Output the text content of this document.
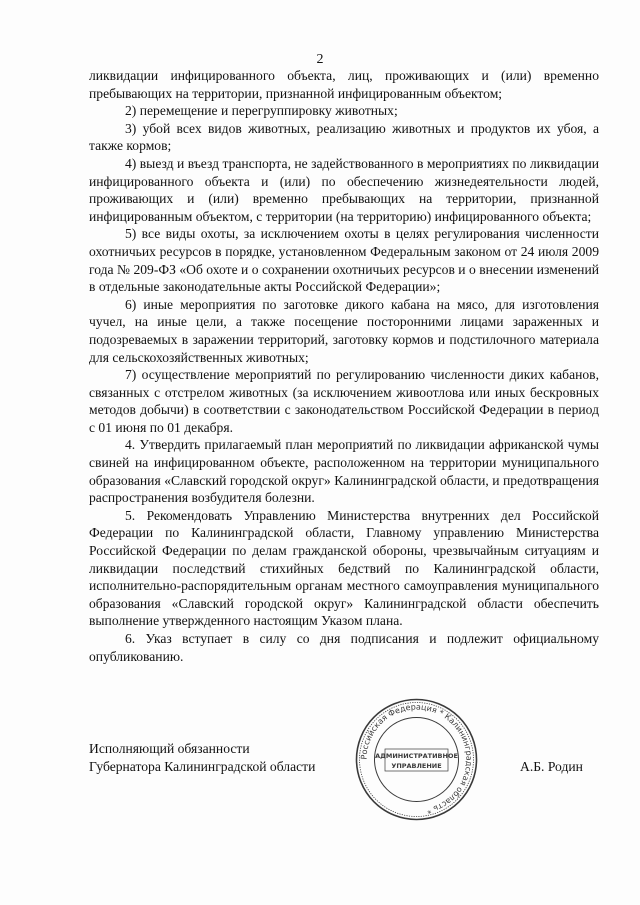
2

ликвидации инфицированного объекта, лиц, проживающих и (или) временно пребывающих на территории, признанной инфицированным объектом;

2) перемещение и перегруппировку животных;

3) убой всех видов животных, реализацию животных и продуктов их убоя, а также кормов;

4) выезд и въезд транспорта, не задействованного в мероприятиях по ликвидации инфицированного объекта и (или) по обеспечению жизнедеятельности людей, проживающих и (или) временно пребывающих на территории, признанной инфицированным объектом, с территории (на территорию) инфицированного объекта;

5) все виды охоты, за исключением охоты в целях регулирования численности охотничьих ресурсов в порядке, установленном Федеральным законом от 24 июля 2009 года № 209-ФЗ «Об охоте и о сохранении охотничьих ресурсов и о внесении изменений в отдельные законодательные акты Российской Федерации»;

6) иные мероприятия по заготовке дикого кабана на мясо, для изготовления чучел, на иные цели, а также посещение посторонними лицами зараженных и подозреваемых в заражении территорий, заготовку кормов и подстилочного материала для сельскохозяйственных животных;

7) осуществление мероприятий по регулированию численности диких кабанов, связанных с отстрелом животных (за исключением живоотлова или иных бескровных методов добычи) в соответствии с законодательством Российской Федерации в период с 01 июня по 01 декабря.

4. Утвердить прилагаемый план мероприятий по ликвидации африканской чумы свиней на инфицированном объекте, расположенном на территории муниципального образования «Славский городской округ» Калининградской области, и предотвращения распространения возбудителя болезни.

5. Рекомендовать Управлению Министерства внутренних дел Российской Федерации по Калининградской области, Главному управлению Министерства Российской Федерации по делам гражданской обороны, чрезвычайным ситуациям и ликвидации последствий стихийных бедствий по Калининградской области, исполнительно-распорядительным органам местного самоуправления муниципального образования «Славский городской округ» Калининградской области обеспечить выполнение утвержденного настоящим Указом плана.

6. Указ вступает в силу со дня подписания и подлежит официальному опубликованию.

Исполняющий обязанности
Губернатора Калининградской области
Российская Федерация * Калининградская область *
АДМИНИСТРАТИВНОЕ
УПРАВЛЕНИЕ	А.Б. Родин
